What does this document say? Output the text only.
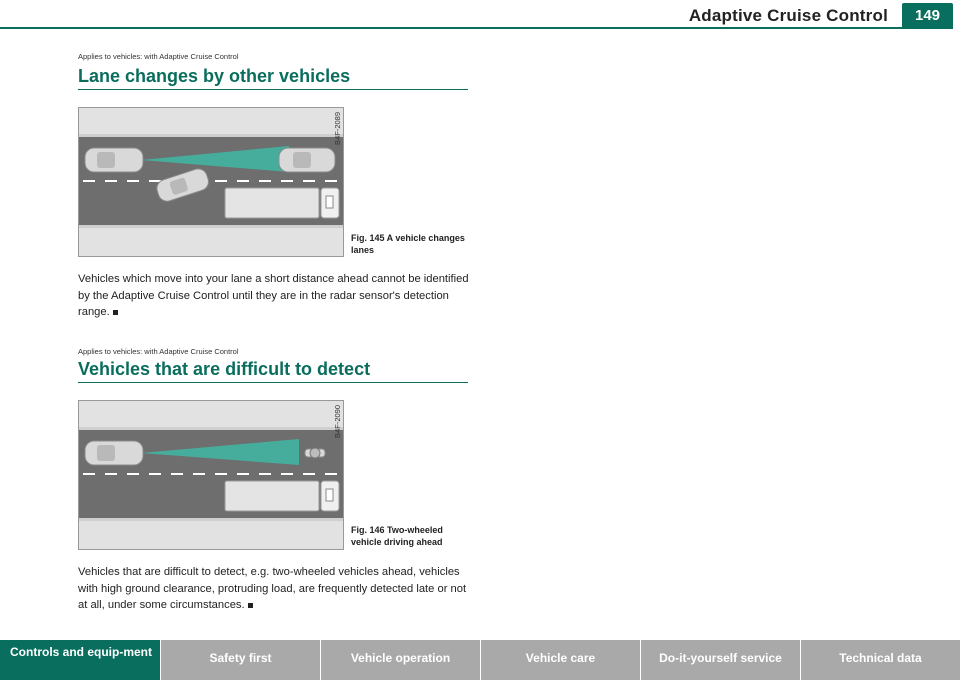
Adaptive Cruise Control	149
Applies to vehicles: with Adaptive Cruise Control
Lane changes by other vehicles
B4F-2089
Fig. 145 A vehicle changes lanes
Vehicles which move into your lane a short distance ahead cannot be identified by the Adaptive Cruise Control until they are in the radar sensor's detection range.
Applies to vehicles: with Adaptive Cruise Control
Vehicles that are difficult to detect
B4F-2090
Fig. 146 Two-wheeled vehicle driving ahead
Vehicles that are difficult to detect, e.g. two-wheeled vehicles ahead, vehicles with high ground clearance, protruding load, are frequently detected late or not at all, under some circumstances.
Controls and equip-ment	Safety first	Vehicle operation	Vehicle care	Do-it-yourself service	Technical data
